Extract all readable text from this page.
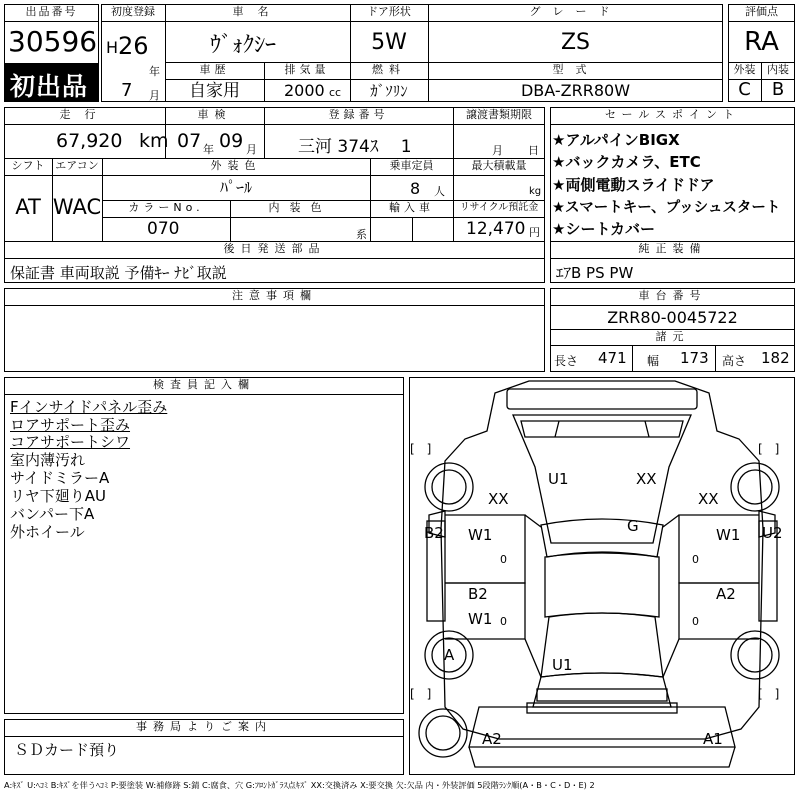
出品番号
30596
初出品
初度登録
H 26
年
7 月
車名
ｳﾞｫｸｼｰ
ドア形状
5W
グレード
ZS
車歴
自家用
排気量
2000 cc
燃料
ｶﾞｿﾘﾝ
型式
DBA-ZRR80W
評価点
RA
外装	内装
C	B
走行
67,920 km
車検
07 年 09 月
登録番号
三河 374ｽ　 1
譲渡書類期限
月 日
シフト
AT
エアコン
WAC
外装色
ﾊﾟｰﾙ
乗車定員
8 人
最大積載量
kg
カラーNo.
070
内装色
系
輸入車	リサイクル預託金
12,470 円
セールスポイント
★アルパインBIGX
★バックカメラ、ETC
★両側電動スライドドア
★スマートキー、プッシュスタート
★シートカバー
後日発送部品
保証書 車両取説 予備ｷｰ ﾅﾋﾞ取説
純正装備
ｴｱB PS PW
注意事項欄	車台番号
ZRR80-0045722
諸元
長さ 471 幅 173 高さ 182
検査員記入欄
Fインサイドパネル歪み
ロアサポート歪み
コアサポートシワ
室内薄汚れ
サイドミラーA
リヤ下廻りAU
バンパー下A
外ホイール
事務局よりご案内
ＳＤカード預り
U1	XX
XX	XX
B2	U2
G
W1	W1
B2
W1
A2
A
U1
A2	A1
0	0
0	0
[　]	[　]
[　]	[　]
A:ｷｽﾞ U:ﾍｺﾐ B:ｷｽﾞを伴うﾍｺﾐ P:要塗装 W:補修跡 S:錆 C:腐食、穴 G:ﾌﾛﾝﾄｶﾞﾗｽ点ｷｽﾞ XX:交換済み X:要交換 欠:欠品 内・外装評価 5段階ﾗﾝｸ順(A・B・C・D・E) 2
